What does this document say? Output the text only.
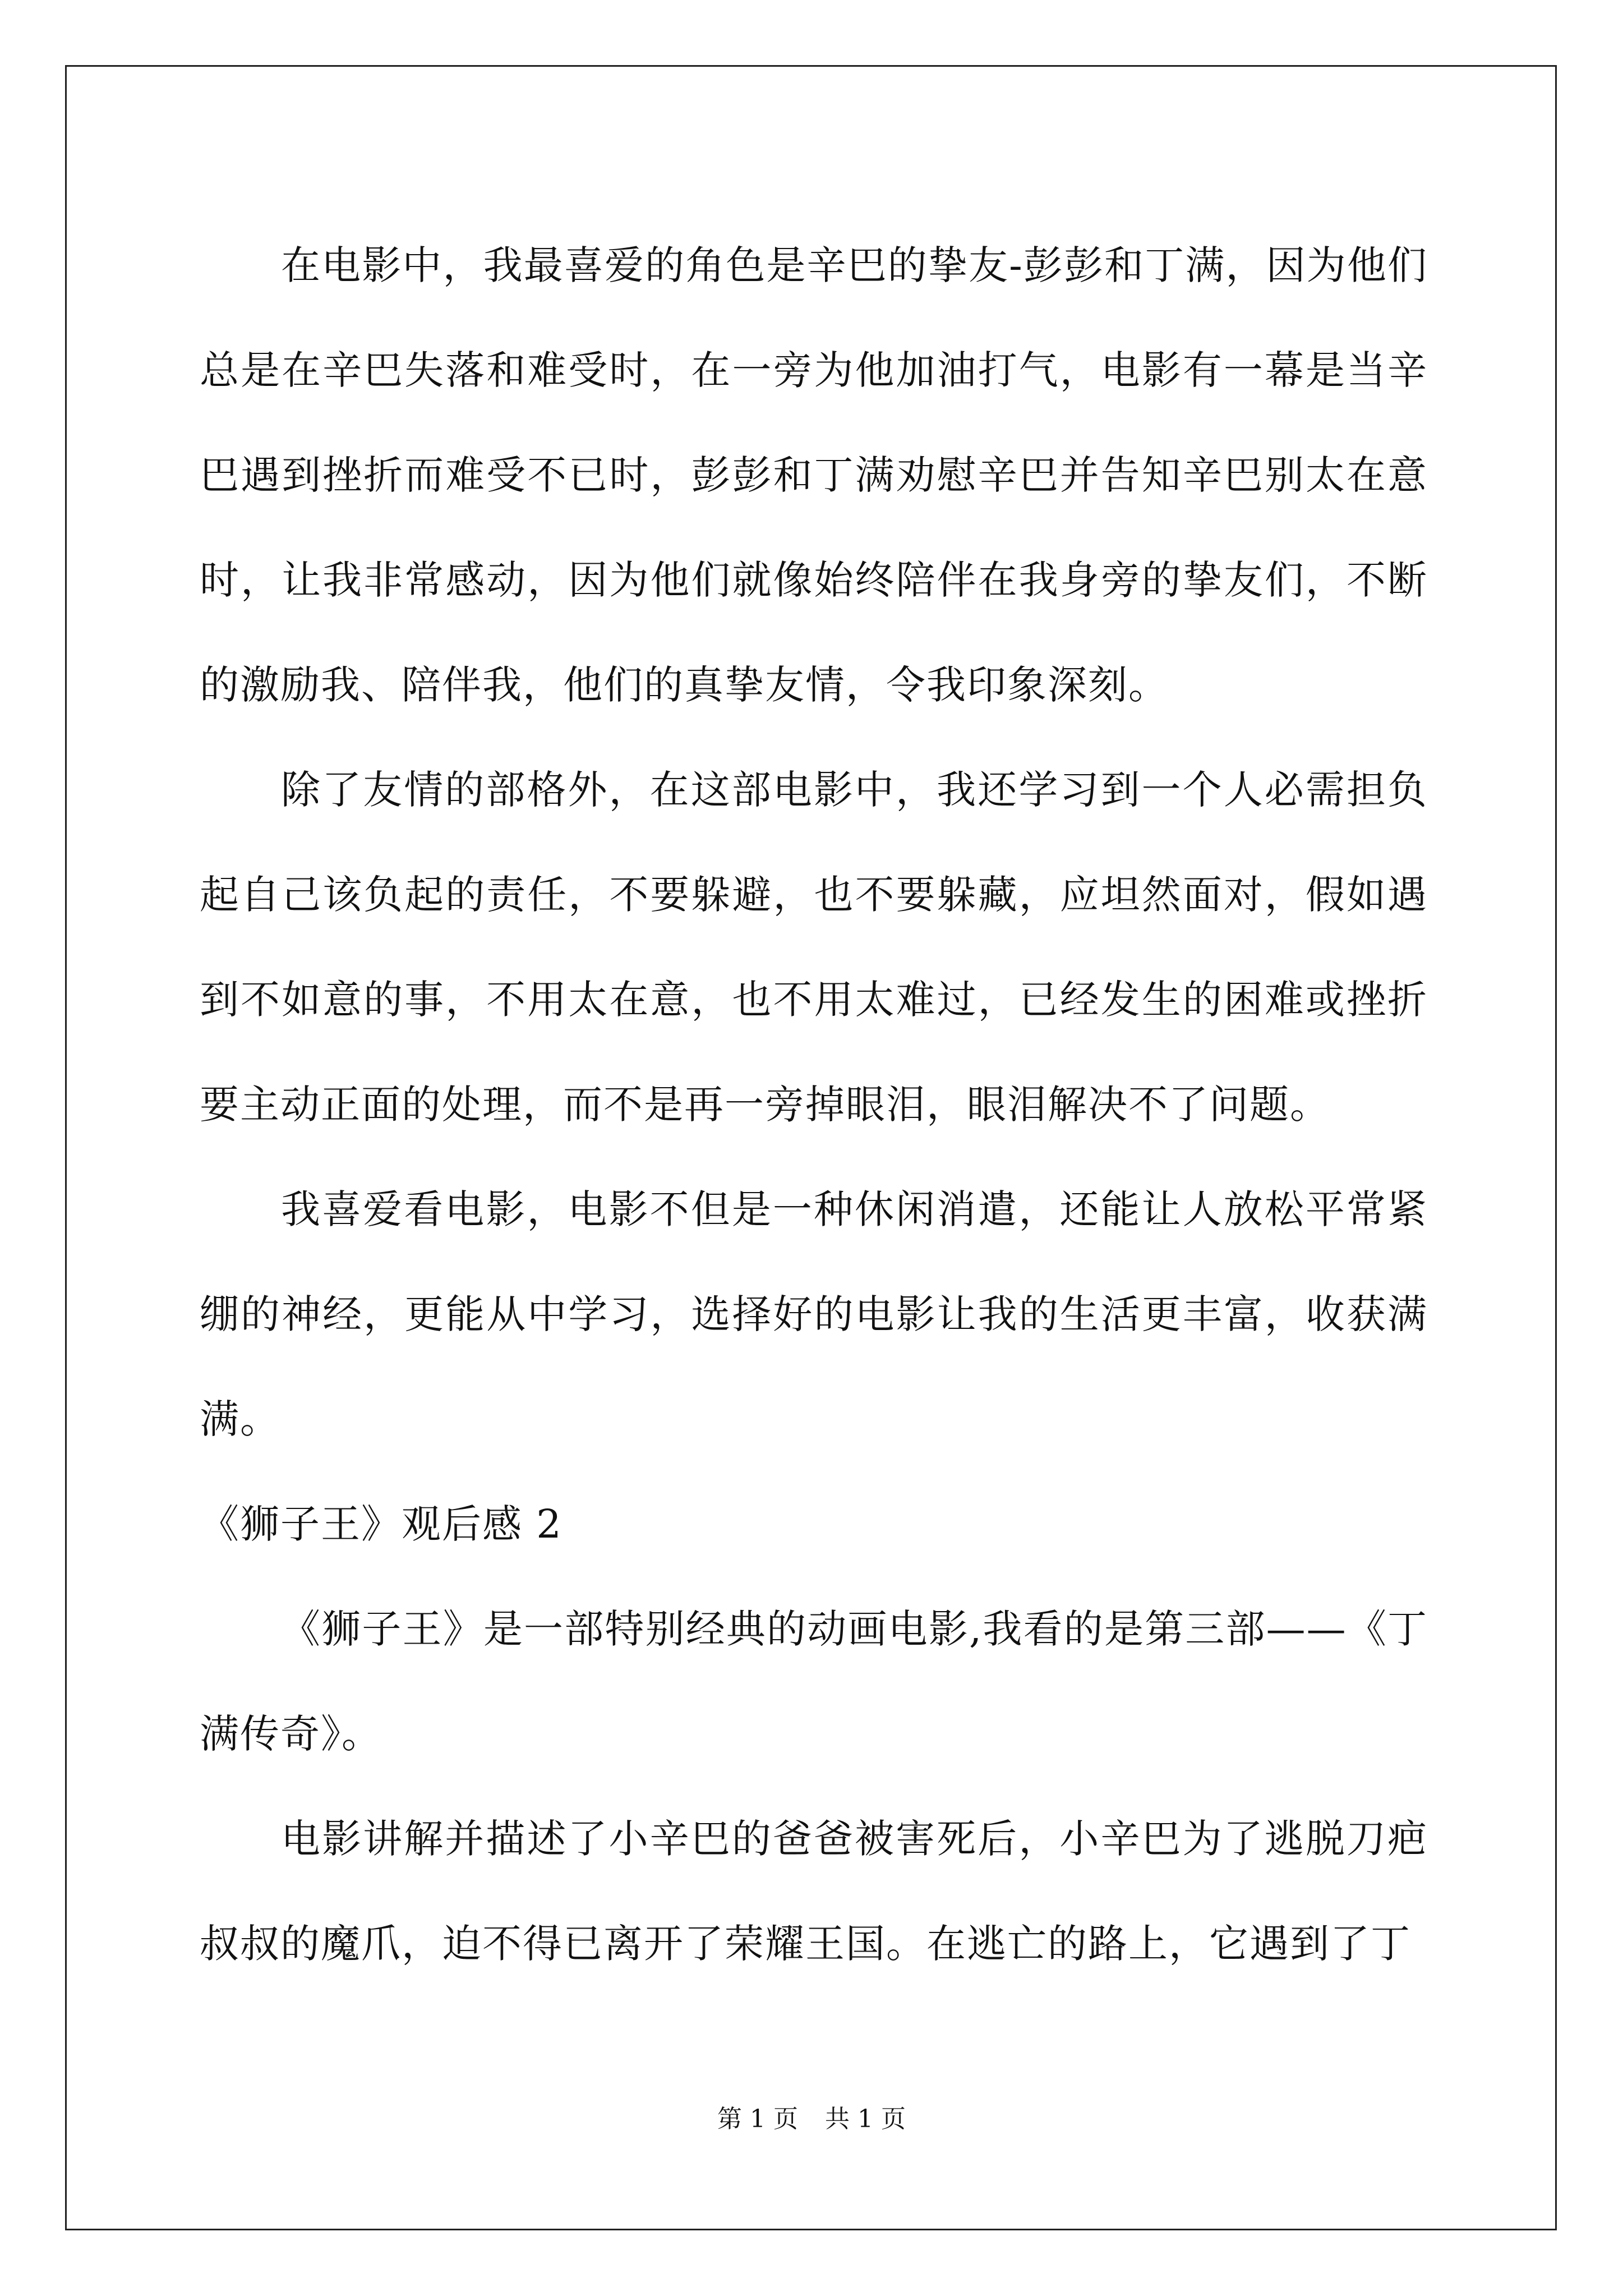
在电影中，我最喜爱的角色是辛巴的挚友-彭彭和丁满，因为他们总是在辛巴失落和难受时，在一旁为他加油打气，电影有一幕是当辛巴遇到挫折而难受不已时，彭彭和丁满劝慰辛巴并告知辛巴别太在意时，让我非常感动，因为他们就像始终陪伴在我身旁的挚友们，不断的激励我、陪伴我，他们的真挚友情，令我印象深刻。

除了友情的部格外，在这部电影中，我还学习到一个人必需担负起自己该负起的责任，不要躲避，也不要躲藏，应坦然面对，假如遇到不如意的事，不用太在意，也不用太难过，已经发生的困难或挫折要主动正面的处理，而不是再一旁掉眼泪，眼泪解决不了问题。

我喜爱看电影，电影不但是一种休闲消遣，还能让人放松平常紧绷的神经，更能从中学习，选择好的电影让我的生活更丰富，收获满满。

《狮子王》观后感 2

《狮子王》是一部特别经典的动画电影,我看的是第三部——《丁满传奇》。

电影讲解并描述了小辛巴的爸爸被害死后，小辛巴为了逃脱刀疤叔叔的魔爪，迫不得已离开了荣耀王国。在逃亡的路上，它遇到了丁

第 1 页 共 1 页
